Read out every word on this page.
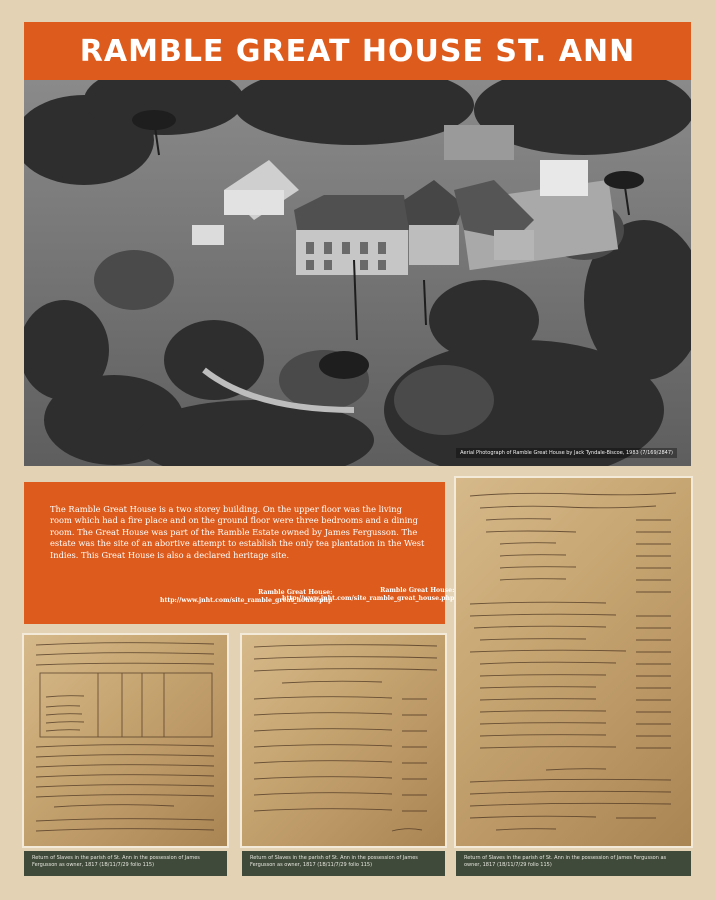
RAMBLE GREAT HOUSE ST. ANN
Aerial Photograph of Ramble Great House by Jack Tyndale-Biscoe, 1983 (7/169/2847)
The Ramble Great House is a two storey building. On the upper floor was the living room which had a fire place and on the ground floor were three bedrooms and a dining room. The Great House was part of the Ramble Estate owned by James Fergusson. The estate was the site of an abortive attempt to establish the only tea plantation in the West Indies. This Great House is also a declared heritage site.
Ramble Great House:
http://www.jnht.com/site_ramble_great_house.php
Ramble Great House:
http://www.jnht.com/site_ramble_great_house.php
Return of Slaves in the parish of St. Ann in the possession of James Fergusson as owner, 1817 (1B/11/7/29 folio 115)
Return of Slaves in the parish of St. Ann in the possession of James Fergusson as owner, 1817 (1B/11/7/29 folio 115)
Return of Slaves in the parish of St. Ann in the possession of James Fergusson as owner, 1817 (1B/11/7/29 folio 115)
